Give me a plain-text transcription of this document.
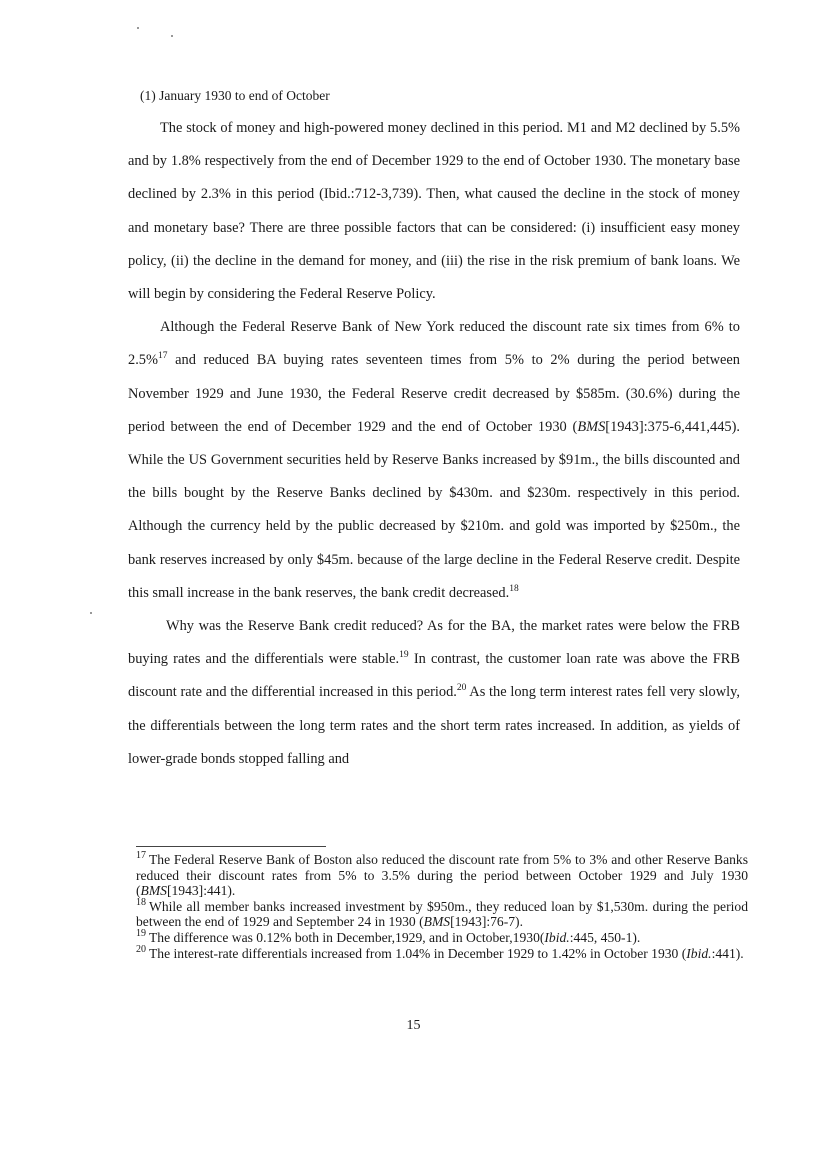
(1) January 1930 to end of October

The stock of money and high-powered money declined in this period. M1 and M2 declined by 5.5% and by 1.8% respectively from the end of December 1929 to the end of October 1930. The monetary base declined by 2.3% in this period (Ibid.:712-3,739). Then, what caused the decline in the stock of money and monetary base? There are three possible factors that can be considered: (i) insufficient easy money policy, (ii) the decline in the demand for money, and (iii) the rise in the risk premium of bank loans. We will begin by considering the Federal Reserve Policy.

Although the Federal Reserve Bank of New York reduced the discount rate six times from 6% to 2.5%$^{17}$ and reduced BA buying rates seventeen times from 5% to 2% during the period between November 1929 and June 1930, the Federal Reserve credit decreased by $585m. (30.6%) during the period between the end of December 1929 and the end of October 1930 (BMS[1943]:375-6,441,445). While the US Government securities held by Reserve Banks increased by $91m., the bills discounted and the bills bought by the Reserve Banks declined by $430m. and $230m. respectively in this period. Although the currency held by the public decreased by $210m. and gold was imported by $250m., the bank reserves increased by only $45m. because of the large decline in the Federal Reserve credit. Despite this small increase in the bank reserves, the bank credit decreased.$^{18}$

Why was the Reserve Bank credit reduced? As for the BA, the market rates were below the FRB buying rates and the differentials were stable.$^{19}$ In contrast, the customer loan rate was above the FRB discount rate and the differential increased in this period.$^{20}$ As the long term interest rates fell very slowly, the differentials between the long term rates and the short term rates increased. In addition, as yields of lower-grade bonds stopped falling and

$^{17}$ The Federal Reserve Bank of Boston also reduced the discount rate from 5% to 3% and other Reserve Banks reduced their discount rates from 5% to 3.5% during the period between October 1929 and July 1930 (BMS[1943]:441).

$^{18}$ While all member banks increased investment by $950m., they reduced loan by $1,530m. during the period between the end of 1929 and September 24 in 1930 (BMS[1943]:76-7).

$^{19}$ The difference was 0.12% both in December,1929, and in October,1930(Ibid.:445, 450-1).

$^{20}$ The interest-rate differentials increased from 1.04% in December 1929 to 1.42% in October 1930 (Ibid.:441).

15
